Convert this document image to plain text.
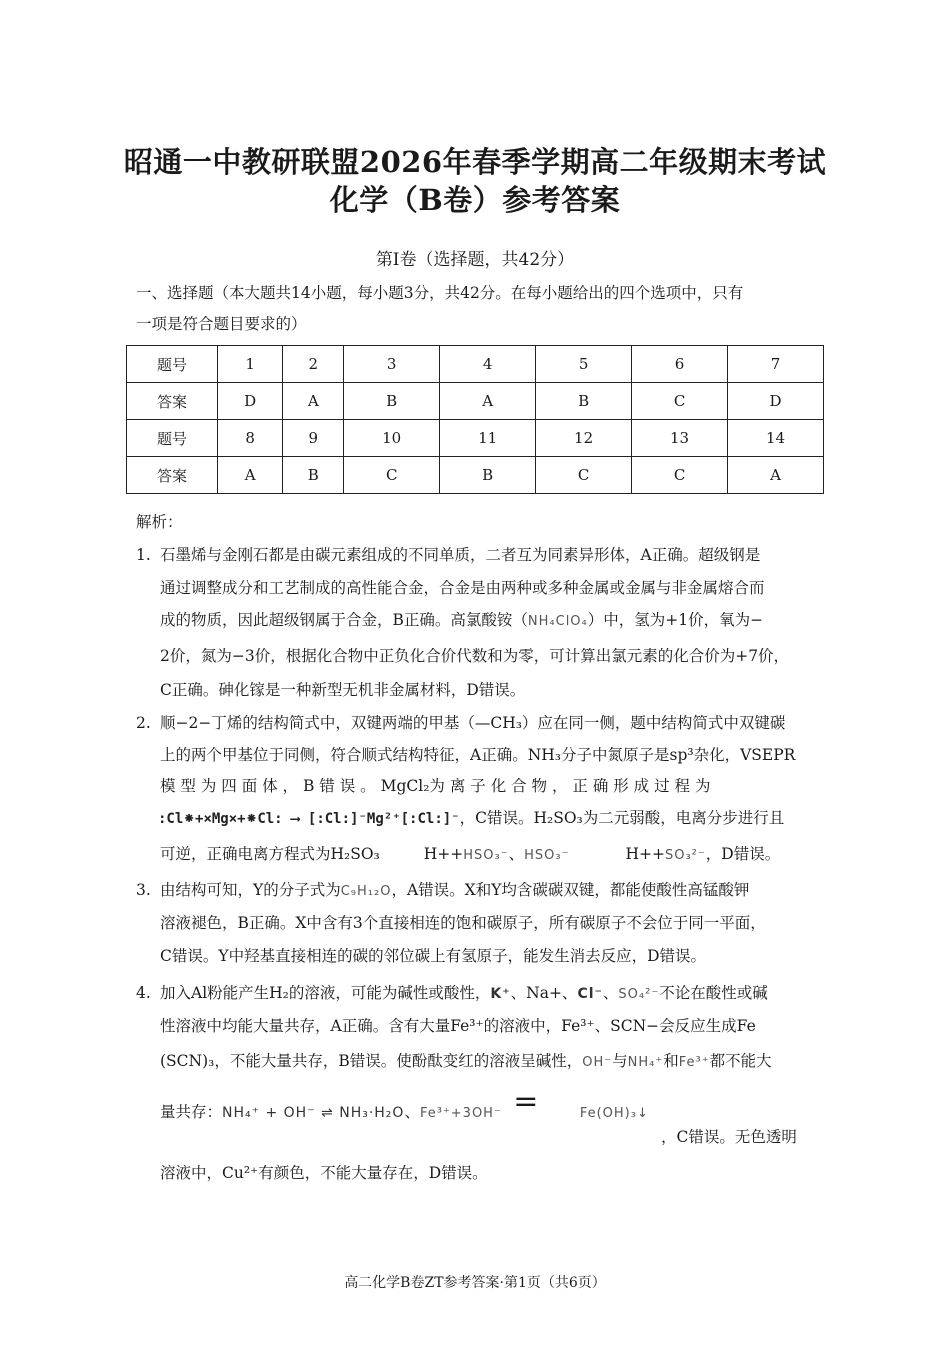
昭通一中教研联盟2026年春季学期高二年级期末考试
化学（B卷）参考答案
第Ⅰ卷（选择题，共42分）
一、选择题（本大题共14小题，每小题3分，共42分。在每小题给出的四个选项中，只有
一项是符合题目要求的）
题号	1	2	3	4	5	6	7
答案	D	A	B	A	B	C	D
题号	8	9	10	11	12	13	14
答案	A	B	C	B	C	C	A
解析：
1. 石墨烯与金刚石都是由碳元素组成的不同单质，二者互为同素异形体，A正确。超级钢是
通过调整成分和工艺制成的高性能合金，合金是由两种或多种金属或金属与非金属熔合而
成的物质，因此超级钢属于合金，B正确。高氯酸铵（NH₄ClO₄）中，氢为+1价，氧为−
2价，氮为−3价，根据化合物中正负化合价代数和为零，可计算出氯元素的化合价为+7价，
C正确。砷化镓是一种新型无机非金属材料，D错误。
2. 顺−2−丁烯的结构简式中，双键两端的甲基（—CH₃）应在同一侧，题中结构简式中双键碳
上的两个甲基位于同侧，符合顺式结构特征，A正确。NH₃分子中氮原子是sp³杂化，VSEPR
模 型 为 四 面 体 ， B 错 误 。 MgCl₂为 离 子 化 合 物 ， 正 确 形 成 过 程 为
:Cl⁕+×Mg×+⁕Cl: ⟶ [:Cl:]⁻Mg²⁺[:Cl:]⁻，C错误。H₂SO₃为二元弱酸，电离分步进行且
可逆，正确电离方程式为H₂SO₃	H++HSO₃⁻、HSO₃⁻	H++SO₃²⁻，D错误。
3. 由结构可知，Y的分子式为C₉H₁₂O，A错误。X和Y均含碳碳双键，都能使酸性高锰酸钾
溶液褪色，B正确。X中含有3个直接相连的饱和碳原子，所有碳原子不会位于同一平面，
C错误。Y中羟基直接相连的碳的邻位碳上有氢原子，能发生消去反应，D错误。
4. 加入Al粉能产生H₂的溶液，可能为碱性或酸性，K⁺、Na+、Cl⁻、SO₄²⁻不论在酸性或碱
性溶液中均能大量共存，A正确。含有大量Fe³⁺的溶液中，Fe³⁺、SCN−会反应生成Fe
(SCN)₃，不能大量共存，B错误。使酚酞变红的溶液呈碱性，OH⁻与NH₄⁺和Fe³⁺都不能大
量共存：NH₄⁺ + OH⁻ ⇌ NH₃·H₂O、Fe³⁺+3OH⁻ =	Fe(OH)₃↓
，C错误。无色透明
溶液中，Cu²⁺有颜色，不能大量存在，D错误。
高二化学B卷ZT参考答案·第1页（共6页）
